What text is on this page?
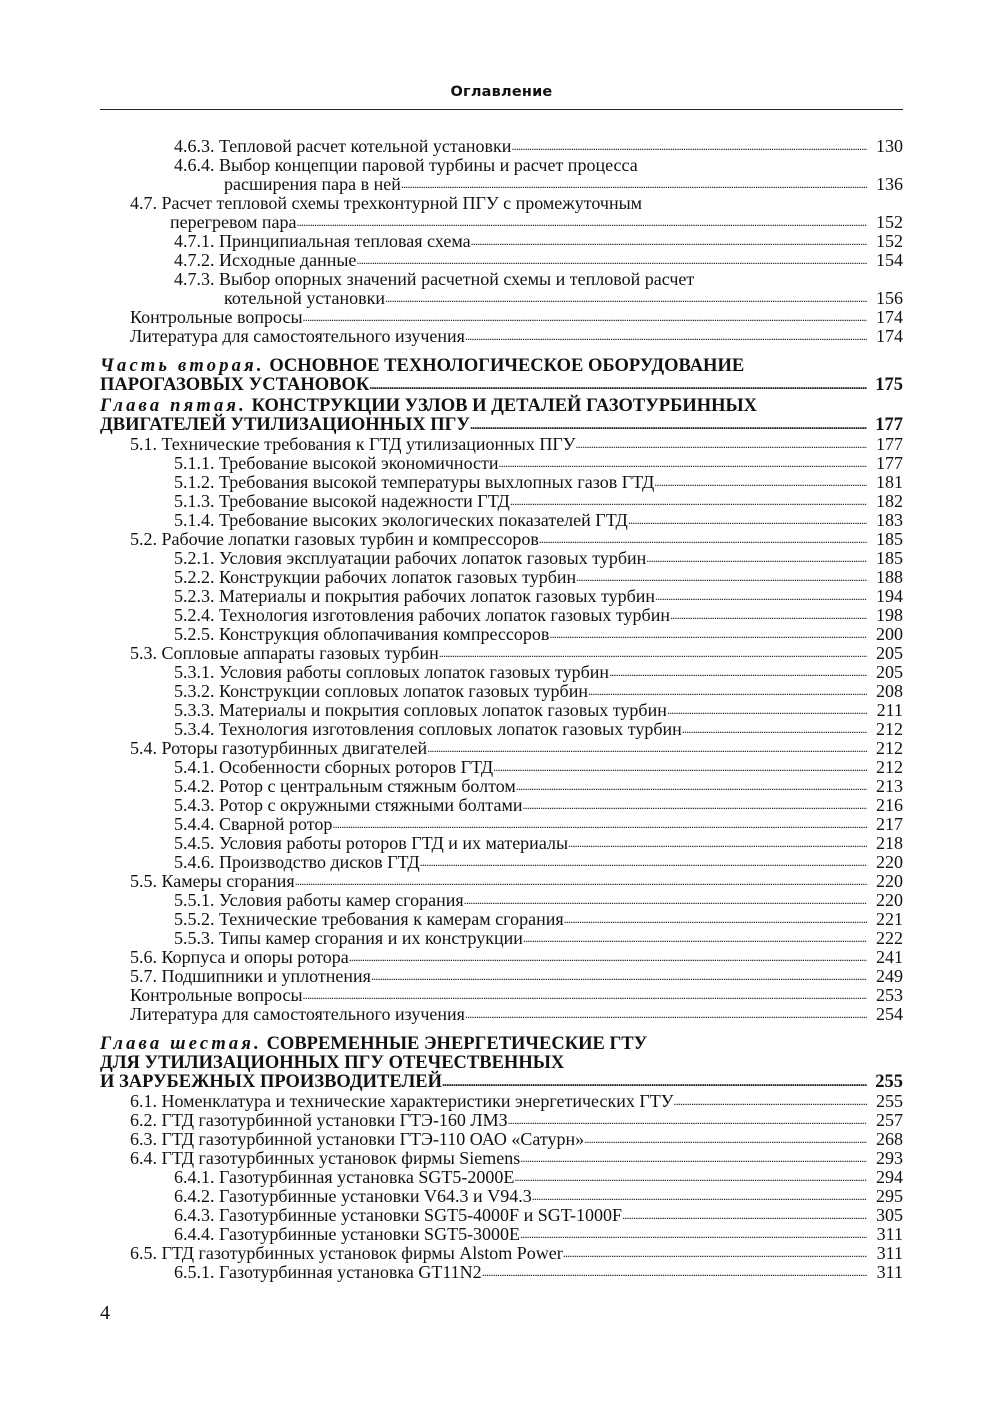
Оглавление
4.6.3. Тепловой расчет котельной установки . . .	130
4.6.4. Выбор концепции паровой турбины и расчет процесса
расширения пара в ней . . .	136
4.7. Расчет тепловой схемы трехконтурной ПГУ с промежуточным
перегревом пара . . .	152
4.7.1. Принципиальная тепловая схема . . .	152
4.7.2. Исходные данные . . .	154
4.7.3. Выбор опорных значений расчетной схемы и тепловой расчет
котельной установки . . .	156
Контрольные вопросы . . .	174
Литература для самостоятельного изучения . . .	174
Часть вторая. ОСНОВНОЕ ТЕХНОЛОГИЧЕСКОЕ ОБОРУДОВАНИЕ
ПАРОГАЗОВЫХ УСТАНОВОК . . .	175
Глава пятая. КОНСТРУКЦИИ УЗЛОВ И ДЕТАЛЕЙ ГАЗОТУРБИННЫХ
ДВИГАТЕЛЕЙ УТИЛИЗАЦИОННЫХ ПГУ . . .	177
5.1. Технические требования к ГТД утилизационных ПГУ . . .	177
5.1.1. Требование высокой экономичности . . .	177
5.1.2. Требования высокой температуры выхлопных газов ГТД . . .	181
5.1.3. Требование высокой надежности ГТД . . .	182
5.1.4. Требование высоких экологических показателей ГТД . . .	183
5.2. Рабочие лопатки газовых турбин и компрессоров . . .	185
5.2.1. Условия эксплуатации рабочих лопаток газовых турбин . . .	185
5.2.2. Конструкции рабочих лопаток газовых турбин . . .	188
5.2.3. Материалы и покрытия рабочих лопаток газовых турбин . . .	194
5.2.4. Технология изготовления рабочих лопаток газовых турбин . . .	198
5.2.5. Конструкция облопачивания компрессоров . . .	200
5.3. Сопловые аппараты газовых турбин . . .	205
5.3.1. Условия работы сопловых лопаток газовых турбин . . .	205
5.3.2. Конструкции сопловых лопаток газовых турбин . . .	208
5.3.3. Материалы и покрытия сопловых лопаток газовых турбин . . .	211
5.3.4. Технология изготовления сопловых лопаток газовых турбин . . .	212
5.4. Роторы газотурбинных двигателей . . .	212
5.4.1. Особенности сборных роторов ГТД . . .	212
5.4.2. Ротор с центральным стяжным болтом . . .	213
5.4.3. Ротор с окружными стяжными болтами . . .	216
5.4.4. Сварной ротор . . .	217
5.4.5. Условия работы роторов ГТД и их материалы . . .	218
5.4.6. Производство дисков ГТД . . .	220
5.5. Камеры сгорания . . .	220
5.5.1. Условия работы камер сгорания . . .	220
5.5.2. Технические требования к камерам сгорания . . .	221
5.5.3. Типы камер сгорания и их конструкции . . .	222
5.6. Корпуса и опоры ротора . . .	241
5.7. Подшипники и уплотнения . . .	249
Контрольные вопросы . . .	253
Литература для самостоятельного изучения . . .	254
Глава шестая. СОВРЕМЕННЫЕ ЭНЕРГЕТИЧЕСКИЕ ГТУ
ДЛЯ УТИЛИЗАЦИОННЫХ ПГУ ОТЕЧЕСТВЕННЫХ
И ЗАРУБЕЖНЫХ ПРОИЗВОДИТЕЛЕЙ . . .	255
6.1. Номенклатура и технические характеристики энергетических ГТУ . . .	255
6.2. ГТД газотурбинной установки ГТЭ-160 ЛМЗ . . .	257
6.3. ГТД газотурбинной установки ГТЭ-110 ОАО «Сатурн» . . .	268
6.4. ГТД газотурбинных установок фирмы Siemens . . .	293
6.4.1. Газотурбинная установка SGT5-2000E . . .	294
6.4.2. Газотурбинные установки V64.3 и V94.3 . . .	295
6.4.3. Газотурбинные установки SGT5-4000F и SGT-1000F . . .	305
6.4.4. Газотурбинные установки SGT5-3000E . . .	311
6.5. ГТД газотурбинных установок фирмы Alstom Power . . .	311
6.5.1. Газотурбинная установка GT11N2 . . .	311
4
